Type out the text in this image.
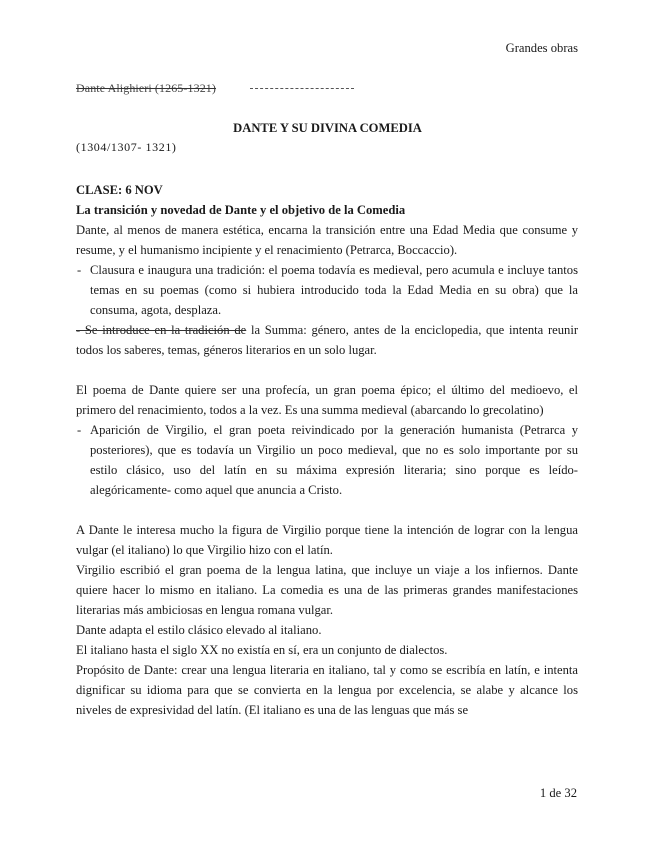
Grandes obras
Dante Alighieri (1265-1321)
DANTE Y SU DIVINA COMEDIA
(1304/1307- 1321)

CLASE: 6 NOV

La transición y novedad de Dante y el objetivo de la Comedia

Dante, al menos de manera estética, encarna la transición entre una Edad Media que consume y resume, y el humanismo incipiente y el renacimiento (Petrarca, Boccaccio).

- Clausura e inaugura una tradición: el poema todavía es medieval, pero acumula e incluye tantos temas en su poemas (como si hubiera introducido toda la Edad Media en su obra) que la consuma, agota, desplaza.

- Se introduce en la tradición de la Summa: género, antes de la enciclopedia, que intenta reunir todos los saberes, temas, géneros literarios en un solo lugar.

El poema de Dante quiere ser una profecía, un gran poema épico; el último del medioevo, el primero del renacimiento, todos a la vez. Es una summa medieval (abarcando lo grecolatino)

- Aparición de Virgilio, el gran poeta reivindicado por la generación humanista (Petrarca y posteriores), que es todavía un Virgilio un poco medieval, que no es solo importante por su estilo clásico, uso del latín en su máxima expresión literaria; sino porque es leído-alegóricamente- como aquel que anuncia a Cristo.

A Dante le interesa mucho la figura de Virgilio porque tiene la intención de lograr con la lengua vulgar (el italiano) lo que Virgilio hizo con el latín.

Virgilio escribió el gran poema de la lengua latina, que incluye un viaje a los infiernos. Dante quiere hacer lo mismo en italiano. La comedia es una de las primeras grandes manifestaciones literarias más ambiciosas en lengua romana vulgar.

Dante adapta el estilo clásico elevado al italiano.

El italiano hasta el siglo XX no existía en sí, era un conjunto de dialectos.

Propósito de Dante: crear una lengua literaria en italiano, tal y como se escribía en latín, e intenta dignificar su idioma para que se convierta en la lengua por excelencia, se alabe y alcance los niveles de expresividad del latín. (El italiano es una de las lenguas que más se

1 de 32
